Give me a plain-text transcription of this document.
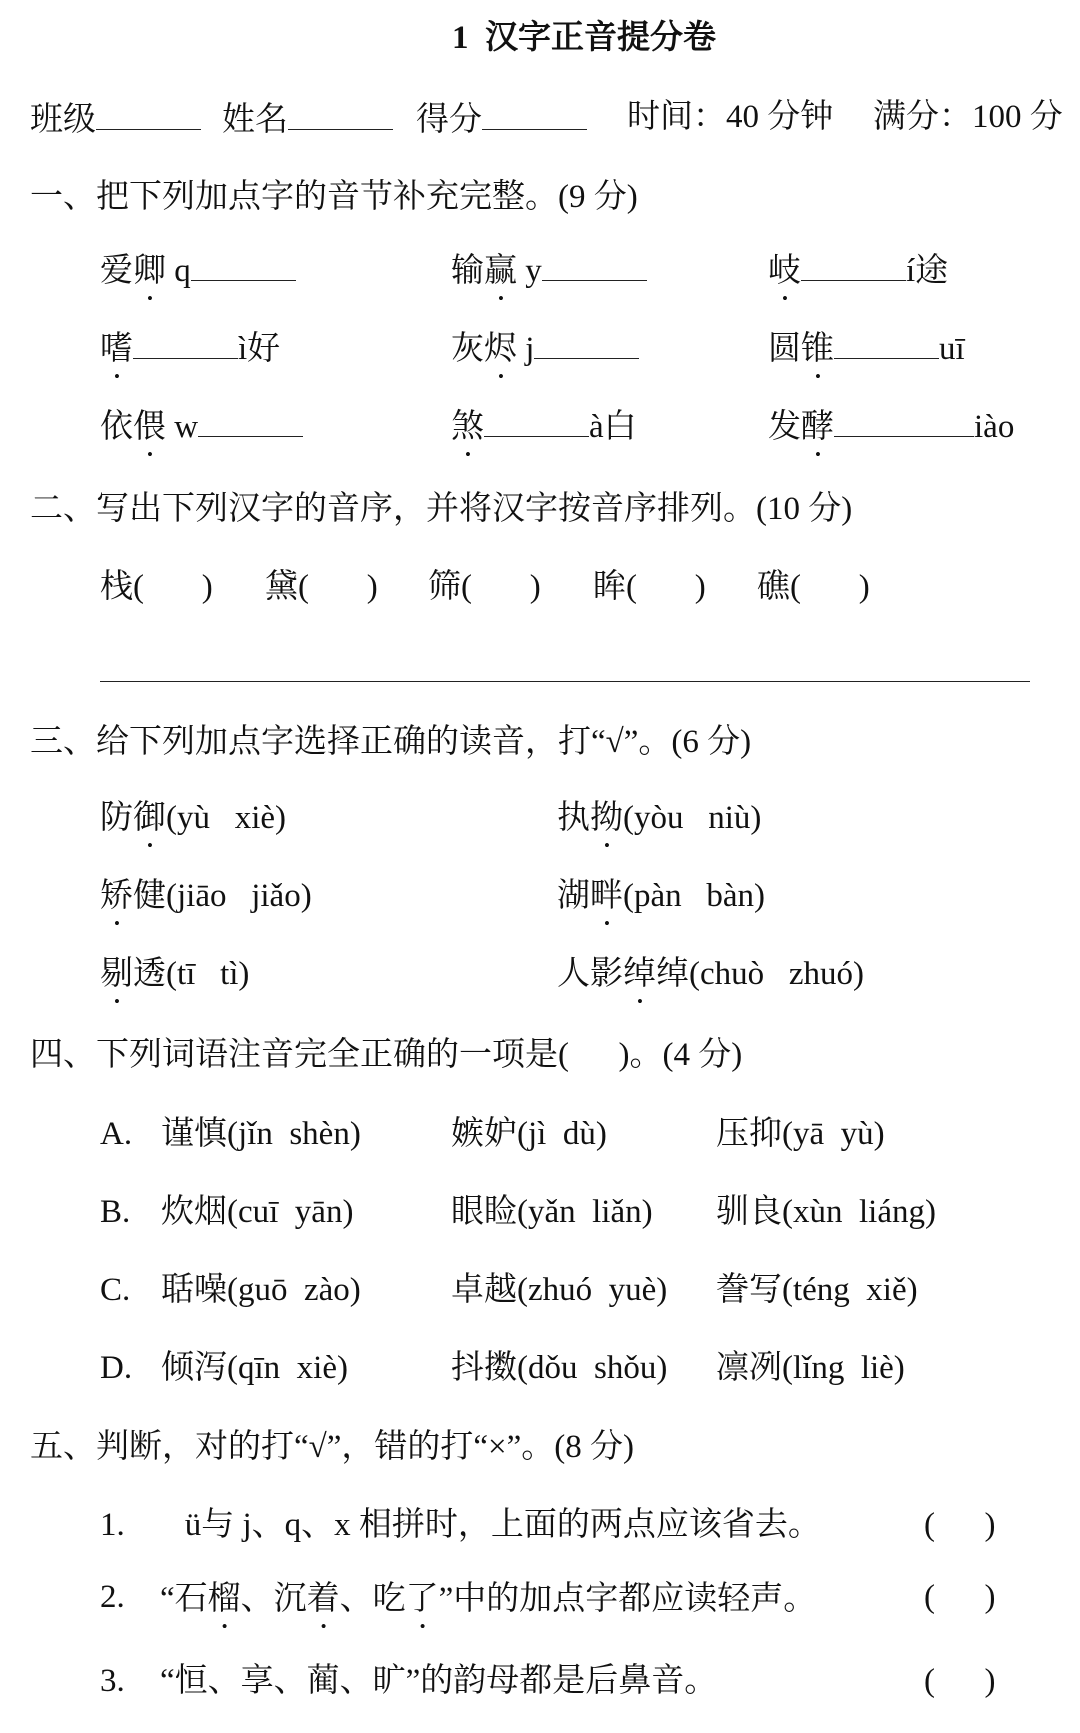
1  汉字正音提分卷
一、把下列加点字的音节补充完整。(9 分)
二、写出下列汉字的音序，并将汉字按音序排列。(10 分)
三、给下列加点字选择正确的读音，打“√”。(6 分)
四、下列词语注音完全正确的一项是(      )。(4 分)
五、判断，对的打“√”，错的打“×”。(8 分)
班级	姓名	得分	时间：40 分钟 满分：100 分
爱卿 q	输赢 y	岐	í途
嗜	ì好	灰烬 j	圆锥	uī
依偎 w	煞	à白	发酵	iào
栈(       ) 黛(       ) 筛(       ) 眸(       ) 礁(       )
防御(yù   xiè)	执拗(yòu   niù)
矫健(jiāo   jiǎo)	湖畔(pàn   bàn)
剔透(tī   tì)	人影绰绰(chuò   zhuó)
A. 谨慎(jǐn  shèn)	嫉妒(jì  dù)	压抑(yā  yù)
B. 炊烟(cuī  yān)	眼睑(yǎn  liǎn) 驯良(xùn  liáng)
C. 聒噪(guō  zào)	卓越(zhuó  yuè) 誊写(téng  xiě)
D. 倾泻(qīn  xiè)	抖擞(dǒu  shǒu) 凛冽(lǐng  liè)
1. ü与 j、q、x 相拼时，上面的两点应该省去。	(      )
2. “石榴、沉着、吃了”中的加点字都应读轻声。	(      )
3. “恒、享、蔺、旷”的韵母都是后鼻音。	(      )
